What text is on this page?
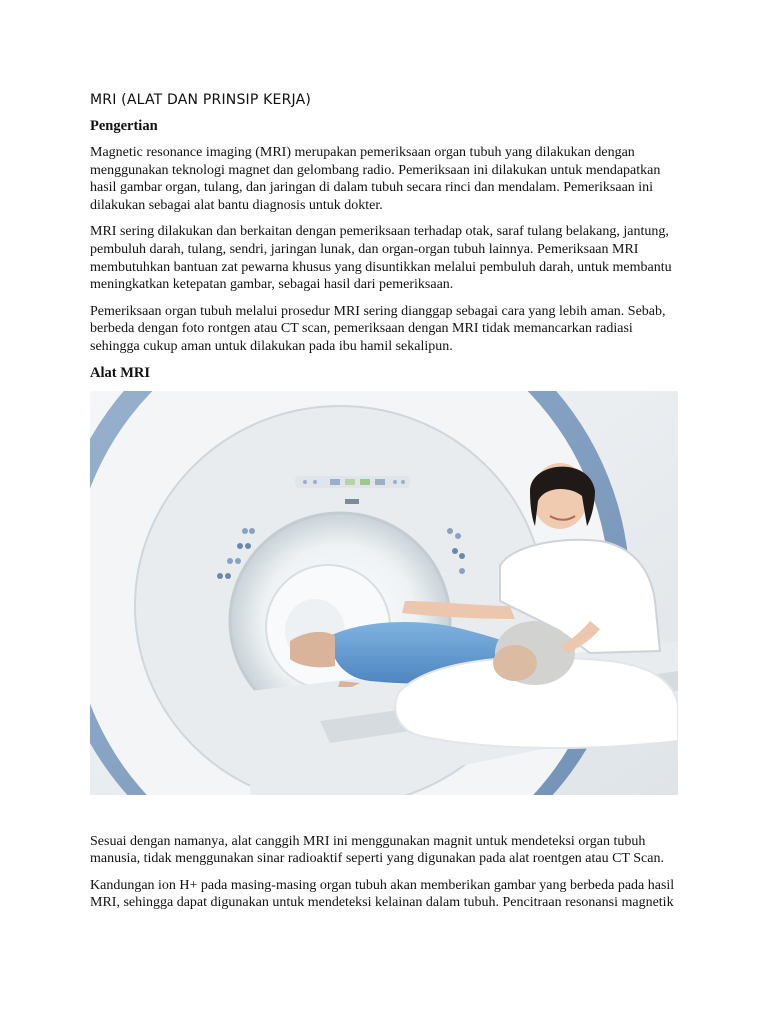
MRI (ALAT DAN PRINSIP KERJA)
Pengertian

Magnetic resonance imaging (MRI) merupakan pemeriksaan organ tubuh yang dilakukan dengan menggunakan teknologi magnet dan gelombang radio. Pemeriksaan ini dilakukan untuk mendapatkan hasil gambar organ, tulang, dan jaringan di dalam tubuh secara rinci dan mendalam. Pemeriksaan ini dilakukan sebagai alat bantu diagnosis untuk dokter.

MRI sering dilakukan dan berkaitan dengan pemeriksaan terhadap otak, saraf tulang belakang, jantung, pembuluh darah, tulang, sendri, jaringan lunak, dan organ-organ tubuh lainnya. Pemeriksaan MRI membutuhkan bantuan zat pewarna khusus yang disuntikkan melalui pembuluh darah, untuk membantu meningkatkan ketepatan gambar, sebagai hasil dari pemeriksaan.

Pemeriksaan organ tubuh melalui prosedur MRI sering dianggap sebagai cara yang lebih aman. Sebab, berbeda dengan foto rontgen atau CT scan, pemeriksaan dengan MRI tidak memancarkan radiasi sehingga cukup aman untuk dilakukan pada ibu hamil sekalipun.

Alat MRI

Sesuai dengan namanya, alat canggih MRI ini menggunakan magnit untuk mendeteksi organ tubuh manusia, tidak menggunakan sinar radioaktif seperti yang digunakan pada alat roentgen atau CT Scan.

Kandungan ion H+ pada masing-masing organ tubuh akan memberikan gambar yang berbeda pada hasil MRI, sehingga dapat digunakan untuk mendeteksi kelainan dalam tubuh. Pencitraan resonansi magnetik
